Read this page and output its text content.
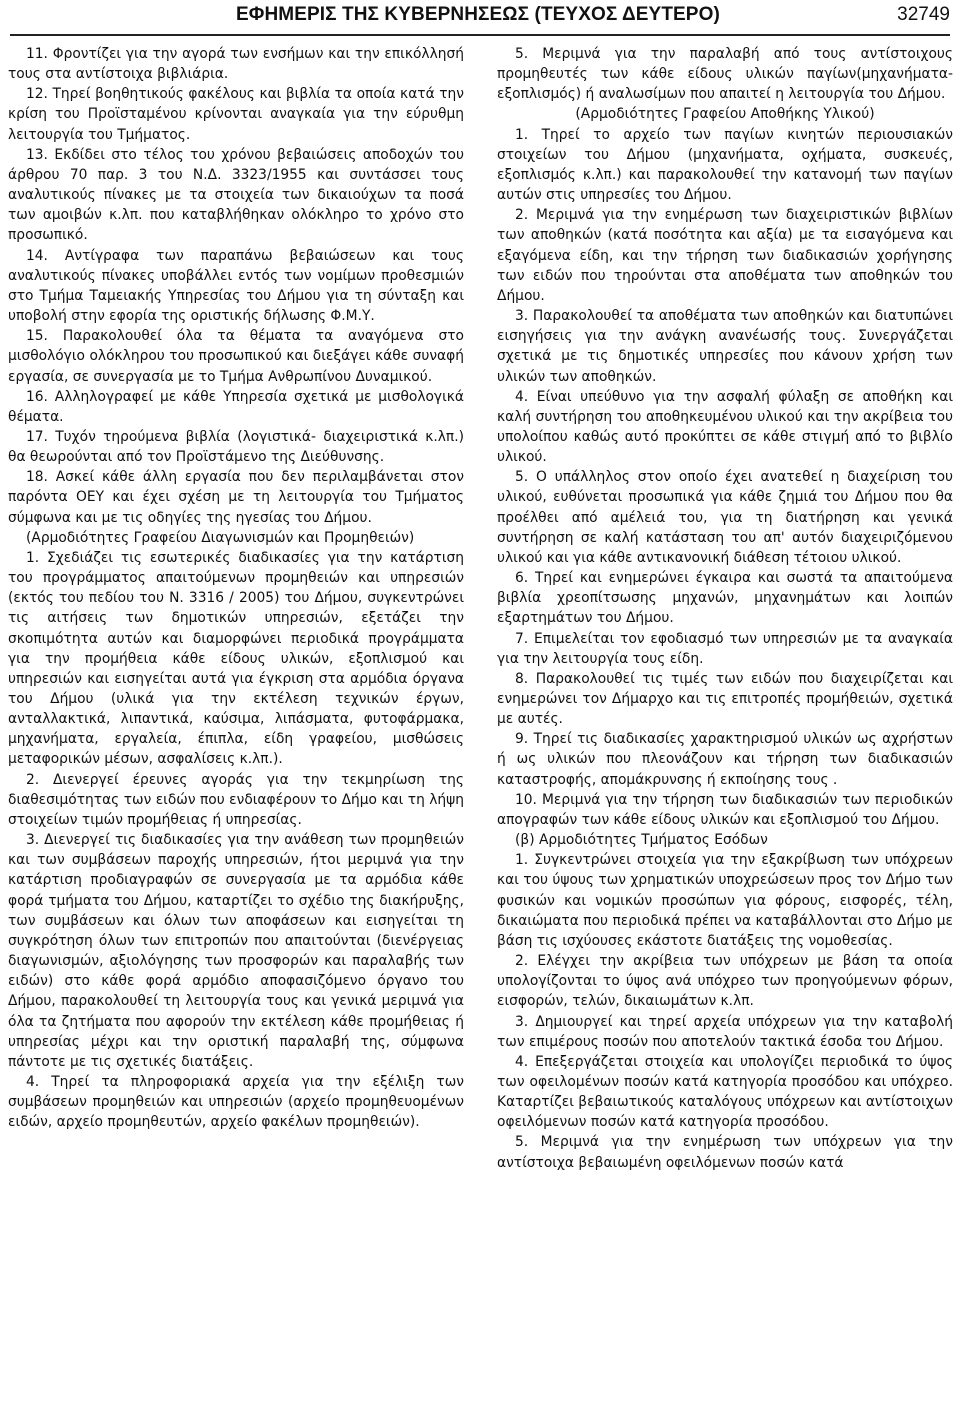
ΕΦΗΜΕΡΙΣ ΤΗΣ ΚΥΒΕΡΝΗΣΕΩΣ (ΤΕΥΧΟΣ ΔΕΥΤΕΡΟ)	32749

11. Φροντίζει για την αγορά των ενσήμων και την επικόλλησή τους στα αντίστοιχα βιβλιάρια.

12. Τηρεί βοηθητικούς φακέλους και βιβλία τα οποία κατά την κρίση του Προϊσταμένου κρίνονται αναγκαία για την εύρυθμη λειτουργία του Τμήματος.

13. Εκδίδει στο τέλος του χρόνου βεβαιώσεις αποδοχών του άρθρου 70 παρ. 3 του Ν.Δ. 3323/1955 και συντάσσει τους αναλυτικούς πίνακες με τα στοιχεία των δικαιούχων τα ποσά των αμοιβών κ.λπ. που καταβλήθηκαν ολόκληρο το χρόνο στο προσωπικό.

14. Αντίγραφα των παραπάνω βεβαιώσεων και τους αναλυτικούς πίνακες υποβάλλει εντός των νομίμων προθεσμιών στο Τμήμα Ταμειακής Υπηρεσίας του Δήμου για τη σύνταξη και υποβολή στην εφορία της οριστικής δήλωσης Φ.Μ.Υ.

15. Παρακολουθεί όλα τα θέματα τα αναγόμενα στο μισθολόγιο ολόκληρου του προσωπικού και διεξάγει κάθε συναφή εργασία, σε συνεργασία με το Τμήμα Ανθρωπίνου Δυναμικού.

16. Αλληλογραφεί με κάθε Υπηρεσία σχετικά με μισθολογικά θέματα.

17. Τυχόν τηρούμενα βιβλία (λογιστικά- διαχειριστικά κ.λπ.) θα θεωρούνται από τον Προϊστάμενο της Διεύθυνσης.

18. Ασκεί κάθε άλλη εργασία που δεν περιλαμβάνεται στον παρόντα ΟΕΥ και έχει σχέση με τη λειτουργία του Τμήματος σύμφωνα και με τις οδηγίες της ηγεσίας του Δήμου.

(Αρμοδιότητες Γραφείου Διαγωνισμών και Προμηθειών)

1. Σχεδιάζει τις εσωτερικές διαδικασίες για την κατάρτιση του προγράμματος απαιτούμενων προμηθειών και υπηρεσιών (εκτός του πεδίου του Ν. 3316 / 2005) του Δήμου, συγκεντρώνει τις αιτήσεις των δημοτικών υπηρεσιών, εξετάζει την σκοπιμότητα αυτών και διαμορφώνει περιοδικά προγράμματα για την προμήθεια κάθε είδους υλικών, εξοπλισμού και υπηρεσιών και εισηγείται αυτά για έγκριση στα αρμόδια όργανα του Δήμου (υλικά για την εκτέλεση τεχνικών έργων, ανταλλακτικά, λιπαντικά, καύσιμα, λιπάσματα, φυτοφάρμακα, μηχανήματα, εργαλεία, έπιπλα, είδη γραφείου, μισθώσεις μεταφορικών μέσων, ασφαλίσεις κ.λπ.).

2. Διενεργεί έρευνες αγοράς για την τεκμηρίωση της διαθεσιμότητας των ειδών που ενδιαφέρουν το Δήμο και τη λήψη στοιχείων τιμών προμήθειας ή υπηρεσίας.

3. Διενεργεί τις διαδικασίες για την ανάθεση των προμηθειών και των συμβάσεων παροχής υπηρεσιών, ήτοι μεριμνά για την κατάρτιση προδιαγραφών σε συνεργασία με τα αρμόδια κάθε φορά τμήματα του Δήμου, καταρτίζει το σχέδιο της διακήρυξης, των συμβάσεων και όλων των αποφάσεων και εισηγείται τη συγκρότηση όλων των επιτροπών που απαιτούνται (διενέργειας διαγωνισμών, αξιολόγησης των προσφορών και παραλαβής των ειδών) στο κάθε φορά αρμόδιο αποφασιζόμενο όργανο του Δήμου, παρακολουθεί τη λειτουργία τους και γενικά μεριμνά για όλα τα ζητήματα που αφορούν την εκτέλεση κάθε προμήθειας ή υπηρεσίας μέχρι και την οριστική παραλαβή της, σύμφωνα πάντοτε με τις σχετικές διατάξεις.

4. Τηρεί τα πληροφοριακά αρχεία για την εξέλιξη των συμβάσεων προμηθειών και υπηρεσιών (αρχείο προμηθευομένων ειδών, αρχείο προμηθευτών, αρχείο φακέλων προμηθειών).

5. Μεριμνά για την παραλαβή από τους αντίστοιχους προμηθευτές των κάθε είδους υλικών παγίων(μηχανήματα-εξοπλισμός) ή αναλωσίμων που απαιτεί η λειτουργία του Δήμου.

(Αρμοδιότητες Γραφείου Αποθήκης Υλικού)

1. Τηρεί το αρχείο των παγίων κινητών περιουσιακών στοιχείων του Δήμου (μηχανήματα, οχήματα, συσκευές, εξοπλισμός κ.λπ.) και παρακολουθεί την κατανομή των παγίων αυτών στις υπηρεσίες του Δήμου.

2. Μεριμνά για την ενημέρωση των διαχειριστικών βιβλίων των αποθηκών (κατά ποσότητα και αξία) με τα εισαγόμενα και εξαγόμενα είδη, και την τήρηση των διαδικασιών χορήγησης των ειδών που τηρούνται στα αποθέματα των αποθηκών του Δήμου.

3. Παρακολουθεί τα αποθέματα των αποθηκών και διατυπώνει εισηγήσεις για την ανάγκη ανανέωσής τους. Συνεργάζεται σχετικά με τις δημοτικές υπηρεσίες που κάνουν χρήση των υλικών των αποθηκών.

4. Είναι υπεύθυνο για την ασφαλή φύλαξη σε αποθήκη και καλή συντήρηση του αποθηκευμένου υλικού και την ακρίβεια του υπολοίπου καθώς αυτό προκύπτει σε κάθε στιγμή από το βιβλίο υλικού.

5. Ο υπάλληλος στον οποίο έχει ανατεθεί η διαχείριση του υλικού, ευθύνεται προσωπικά για κάθε ζημιά του Δήμου που θα προέλθει από αμέλειά του, για τη διατήρηση και γενικά συντήρηση σε καλή κατάσταση του απ' αυτόν διαχειριζόμενου υλικού και για κάθε αντικανονική διάθεση τέτοιου υλικού.

6. Τηρεί και ενημερώνει έγκαιρα και σωστά τα απαιτούμενα βιβλία χρεοπίτσωσης μηχανών, μηχανημάτων και λοιπών εξαρτημάτων του Δήμου.

7. Επιμελείται τον εφοδιασμό των υπηρεσιών με τα αναγκαία για την λειτουργία τους είδη.

8. Παρακολουθεί τις τιμές των ειδών που διαχειρίζεται και ενημερώνει τον Δήμαρχο και τις επιτροπές προμήθειών, σχετικά με αυτές.

9. Τηρεί τις διαδικασίες χαρακτηρισμού υλικών ως αχρήστων ή ως υλικών που πλεονάζουν και τήρηση των διαδικασιών καταστροφής, απομάκρυνσης ή εκποίησης τους .

10. Μεριμνά για την τήρηση των διαδικασιών των περιοδικών απογραφών των κάθε είδους υλικών και εξοπλισμού του Δήμου.

(β) Αρμοδιότητες Τμήματος Εσόδων

1. Συγκεντρώνει στοιχεία για την εξακρίβωση των υπόχρεων και του ύψους των χρηματικών υποχρεώσεων προς τον Δήμο των φυσικών και νομικών προσώπων για φόρους, εισφορές, τέλη, δικαιώματα που περιοδικά πρέπει να καταβάλλονται στο Δήμο με βάση τις ισχύουσες εκάστοτε διατάξεις της νομοθεσίας.

2. Ελέγχει την ακρίβεια των υπόχρεων με βάση τα οποία υπολογίζονται το ύψος ανά υπόχρεο των προηγούμενων φόρων, εισφορών, τελών, δικαιωμάτων κ.λπ.

3. Δημιουργεί και τηρεί αρχεία υπόχρεων για την καταβολή των επιμέρους ποσών που αποτελούν τακτικά έσοδα του Δήμου.

4. Επεξεργάζεται στοιχεία και υπολογίζει περιοδικά το ύψος των οφειλομένων ποσών κατά κατηγορία προσόδου και υπόχρεο. Καταρτίζει βεβαιωτικούς καταλόγους υπόχρεων και αντίστοιχων οφειλόμενων ποσών κατά κατηγορία προσόδου.

5. Μεριμνά για την ενημέρωση των υπόχρεων για την αντίστοιχα βεβαιωμένη οφειλόμενων ποσών κατά
